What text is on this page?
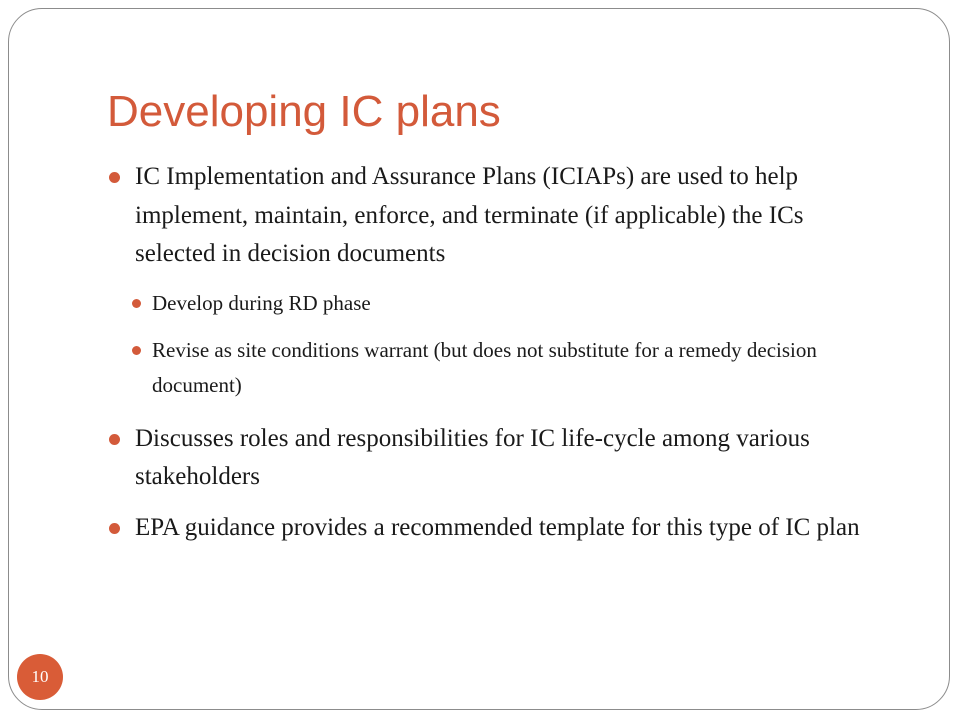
Developing IC plans

IC Implementation and Assurance Plans (ICIAPs) are used to help implement, maintain, enforce, and terminate (if applicable) the ICs selected in decision documents

Develop during RD phase

Revise as site conditions warrant (but does not substitute for a remedy decision document)

Discusses roles and responsibilities for IC life-cycle among various stakeholders

EPA guidance provides a recommended template for this type of IC plan

10
